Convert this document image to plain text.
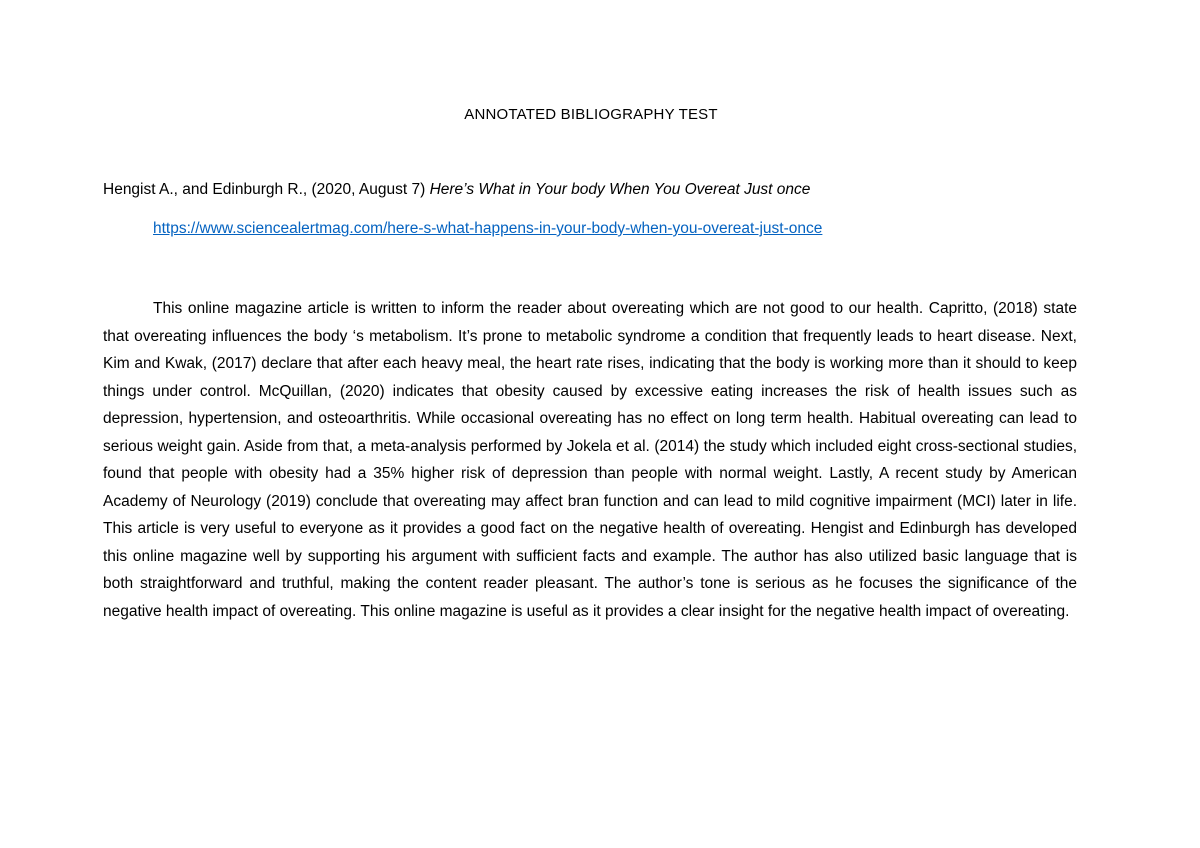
ANNOTATED BIBLIOGRAPHY TEST
Hengist A., and Edinburgh R., (2020, August 7) Here’s What in Your body When You Overeat Just once
https://www.sciencealertmag.com/here-s-what-happens-in-your-body-when-you-overeat-just-once

This online magazine article is written to inform the reader about overeating which are not good to our health. Capritto, (2018) state that overeating influences the body ‘s metabolism. It’s prone to metabolic syndrome a condition that frequently leads to heart disease. Next, Kim and Kwak, (2017) declare that after each heavy meal, the heart rate rises, indicating that the body is working more than it should to keep things under control. McQuillan, (2020) indicates that obesity caused by excessive eating increases the risk of health issues such as depression, hypertension, and osteoarthritis. While occasional overeating has no effect on long term health. Habitual overeating can lead to serious weight gain. Aside from that, a meta-analysis performed by Jokela et al. (2014) the study which included eight cross-sectional studies, found that people with obesity had a 35% higher risk of depression than people with normal weight. Lastly, A recent study by American Academy of Neurology (2019) conclude that overeating may affect bran function and can lead to mild cognitive impairment (MCI) later in life. This article is very useful to everyone as it provides a good fact on the negative health of overeating. Hengist and Edinburgh has developed this online magazine well by supporting his argument with sufficient facts and example. The author has also utilized basic language that is both straightforward and truthful, making the content reader pleasant. The author’s tone is serious as he focuses the significance of the negative health impact of overeating. This online magazine is useful as it provides a clear insight for the negative health impact of overeating.
